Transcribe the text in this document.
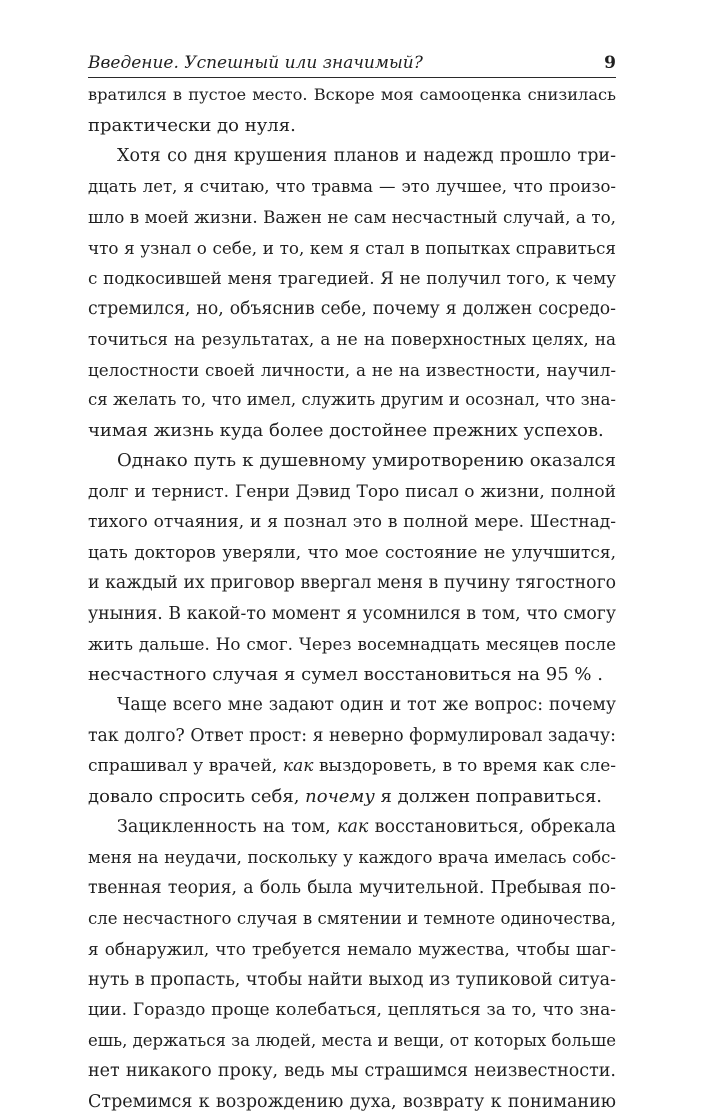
Введение. Успешный или значимый?	9
вратился в пустое место. Вскоре моя самооценка снизилась
практически до нуля.
Хотя со дня крушения планов и надежд прошло три-
дцать лет, я считаю, что травма — это лучшее, что произо-
шло в моей жизни. Важен не сам несчастный случай, а то,
что я узнал о себе, и то, кем я стал в попытках справиться
с подкосившей меня трагедией. Я не получил того, к чему
стремился, но, объяснив себе, почему я должен сосредо-
точиться на результатах, а не на поверхностных целях, на
целостности своей личности, а не на известности, научил-
ся желать то, что имел, служить другим и осознал, что зна-
чимая жизнь куда более достойнее прежних успехов.
Однако путь к душевному умиротворению оказался
долг и тернист. Генри Дэвид Торо писал о жизни, полной
тихого отчаяния, и я познал это в полной мере. Шестнад-
цать докторов уверяли, что мое состояние не улучшится,
и каждый их приговор ввергал меня в пучину тягостного
уныния. В какой-то момент я усомнился в том, что смогу
жить дальше. Но смог. Через восемнадцать месяцев после
несчастного случая я сумел восстановиться на 95 % .
Чаще всего мне задают один и тот же вопрос: почему
так долго? Ответ прост: я неверно формулировал задачу:
спрашивал у врачей, как выздороветь, в то время как сле-
довало спросить себя, почему я должен поправиться.
Зацикленность на том, как восстановиться, обрекала
меня на неудачи, поскольку у каждого врача имелась собс-
твенная теория, а боль была мучительной. Пребывая по-
сле несчастного случая в смятении и темноте одиночества,
я обнаружил, что требуется немало мужества, чтобы шаг-
нуть в пропасть, чтобы найти выход из тупиковой ситуа-
ции. Гораздо проще колебаться, цепляться за то, что зна-
ешь, держаться за людей, места и вещи, от которых больше
нет никакого проку, ведь мы страшимся неизвестности.
Стремимся к возрождению духа, возврату к пониманию
